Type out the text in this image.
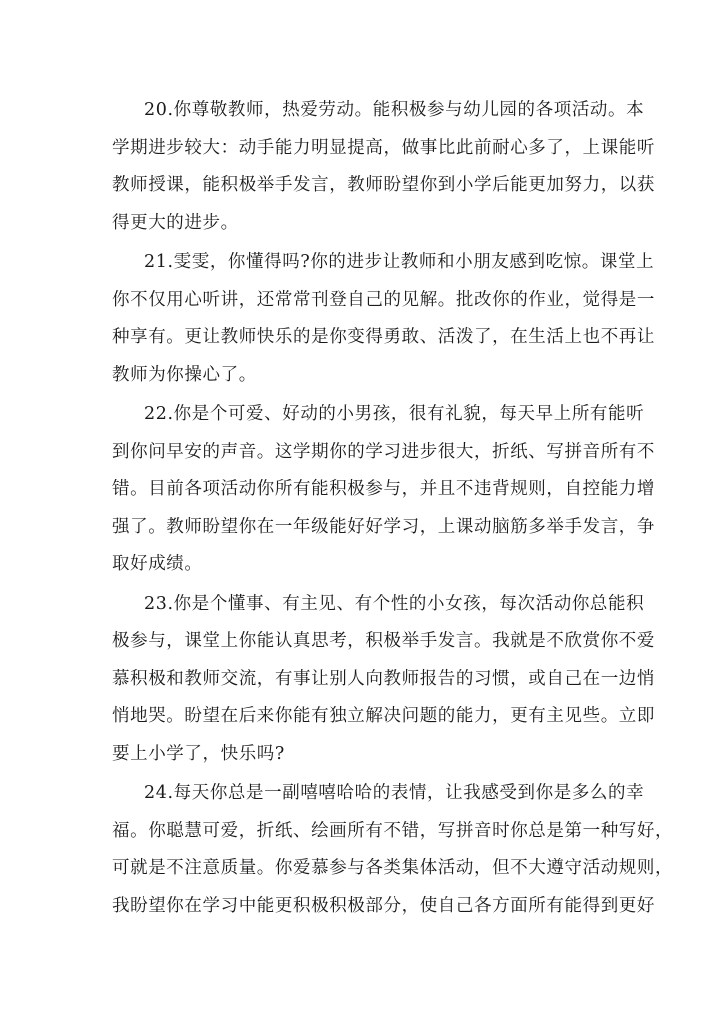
20.你尊敬教师，热爱劳动。能积极参与幼儿园的各项活动。本
学期进步较大：动手能力明显提高，做事比此前耐心多了，上课能听
教师授课，能积极举手发言，教师盼望你到小学后能更加努力，以获
得更大的进步。
21.雯雯，你懂得吗?你的进步让教师和小朋友感到吃惊。课堂上
你不仅用心听讲，还常常刊登自己的见解。批改你的作业，觉得是一
种享有。更让教师快乐的是你变得勇敢、活泼了，在生活上也不再让
教师为你操心了。
22.你是个可爱、好动的小男孩，很有礼貌，每天早上所有能听
到你问早安的声音。这学期你的学习进步很大，折纸、写拼音所有不
错。目前各项活动你所有能积极参与，并且不违背规则，自控能力增
强了。教师盼望你在一年级能好好学习，上课动脑筋多举手发言，争
取好成绩。
23.你是个懂事、有主见、有个性的小女孩，每次活动你总能积
极参与，课堂上你能认真思考，积极举手发言。我就是不欣赏你不爱
慕积极和教师交流，有事让别人向教师报告的习惯，或自己在一边悄
悄地哭。盼望在后来你能有独立解决问题的能力，更有主见些。立即
要上小学了，快乐吗?
24.每天你总是一副嘻嘻哈哈的表情，让我感受到你是多么的幸
福。你聪慧可爱，折纸、绘画所有不错，写拼音时你总是第一种写好，
可就是不注意质量。你爱慕参与各类集体活动，但不大遵守活动规则，
我盼望你在学习中能更积极积极部分，使自己各方面所有能得到更好
